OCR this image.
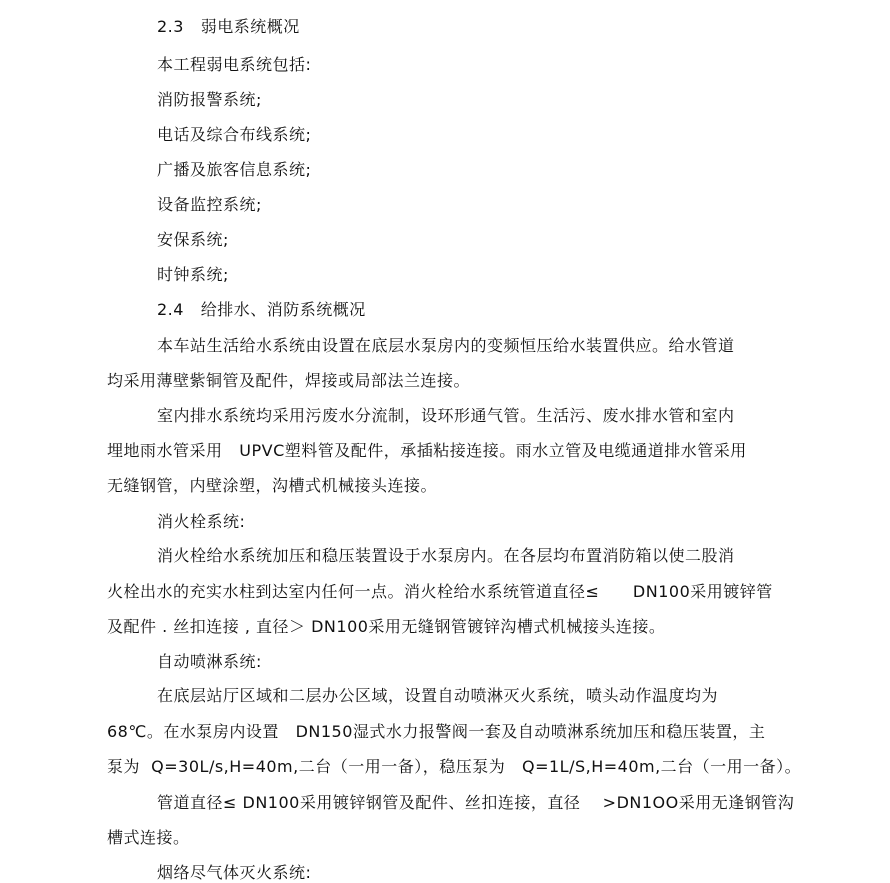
2.3   弱电系统概况
本工程弱电系统包括:
消防报警系统;
电话及综合布线系统;
广播及旅客信息系统;
设备监控系统;
安保系统;
时钟系统;
2.4   给排水、消防系统概况
本车站生活给水系统由设置在底层水泵房内的变频恒压给水装置供应。给水管道
均采用薄壁紫铜管及配件，焊接或局部法兰连接。
室内排水系统均采用污废水分流制，设环形通气管。生活污、废水排水管和室内
埋地雨水管采用   UPVC塑料管及配件，承插粘接连接。雨水立管及电缆通道排水管采用
无缝钢管，内壁涂塑，沟槽式机械接头连接。
消火栓系统:
消火栓给水系统加压和稳压装置设于水泵房内。在各层均布置消防箱以使二股消
火栓出水的充实水柱到达室内任何一点。消火栓给水系统管道直径≤      DN100采用镀锌管
及配件 . 丝扣连接 , 直径＞ DN100采用无缝钢管镀锌沟槽式机械接头连接。
自动喷淋系统:
在底层站厅区域和二层办公区域，设置自动喷淋灭火系统，喷头动作温度均为
68℃。在水泵房内设置   DN150湿式水力报警阀一套及自动喷淋系统加压和稳压装置，主
泵为  Q=30L/s,H=40m,二台（一用一备），稳压泵为   Q=1L/S,H=40m,二台（一用一备）。
管道直径≤ DN100采用镀锌钢管及配件、丝扣连接，直径    >DN1OO采用无逢钢管沟
槽式连接。
烟络尽气体灭火系统:
